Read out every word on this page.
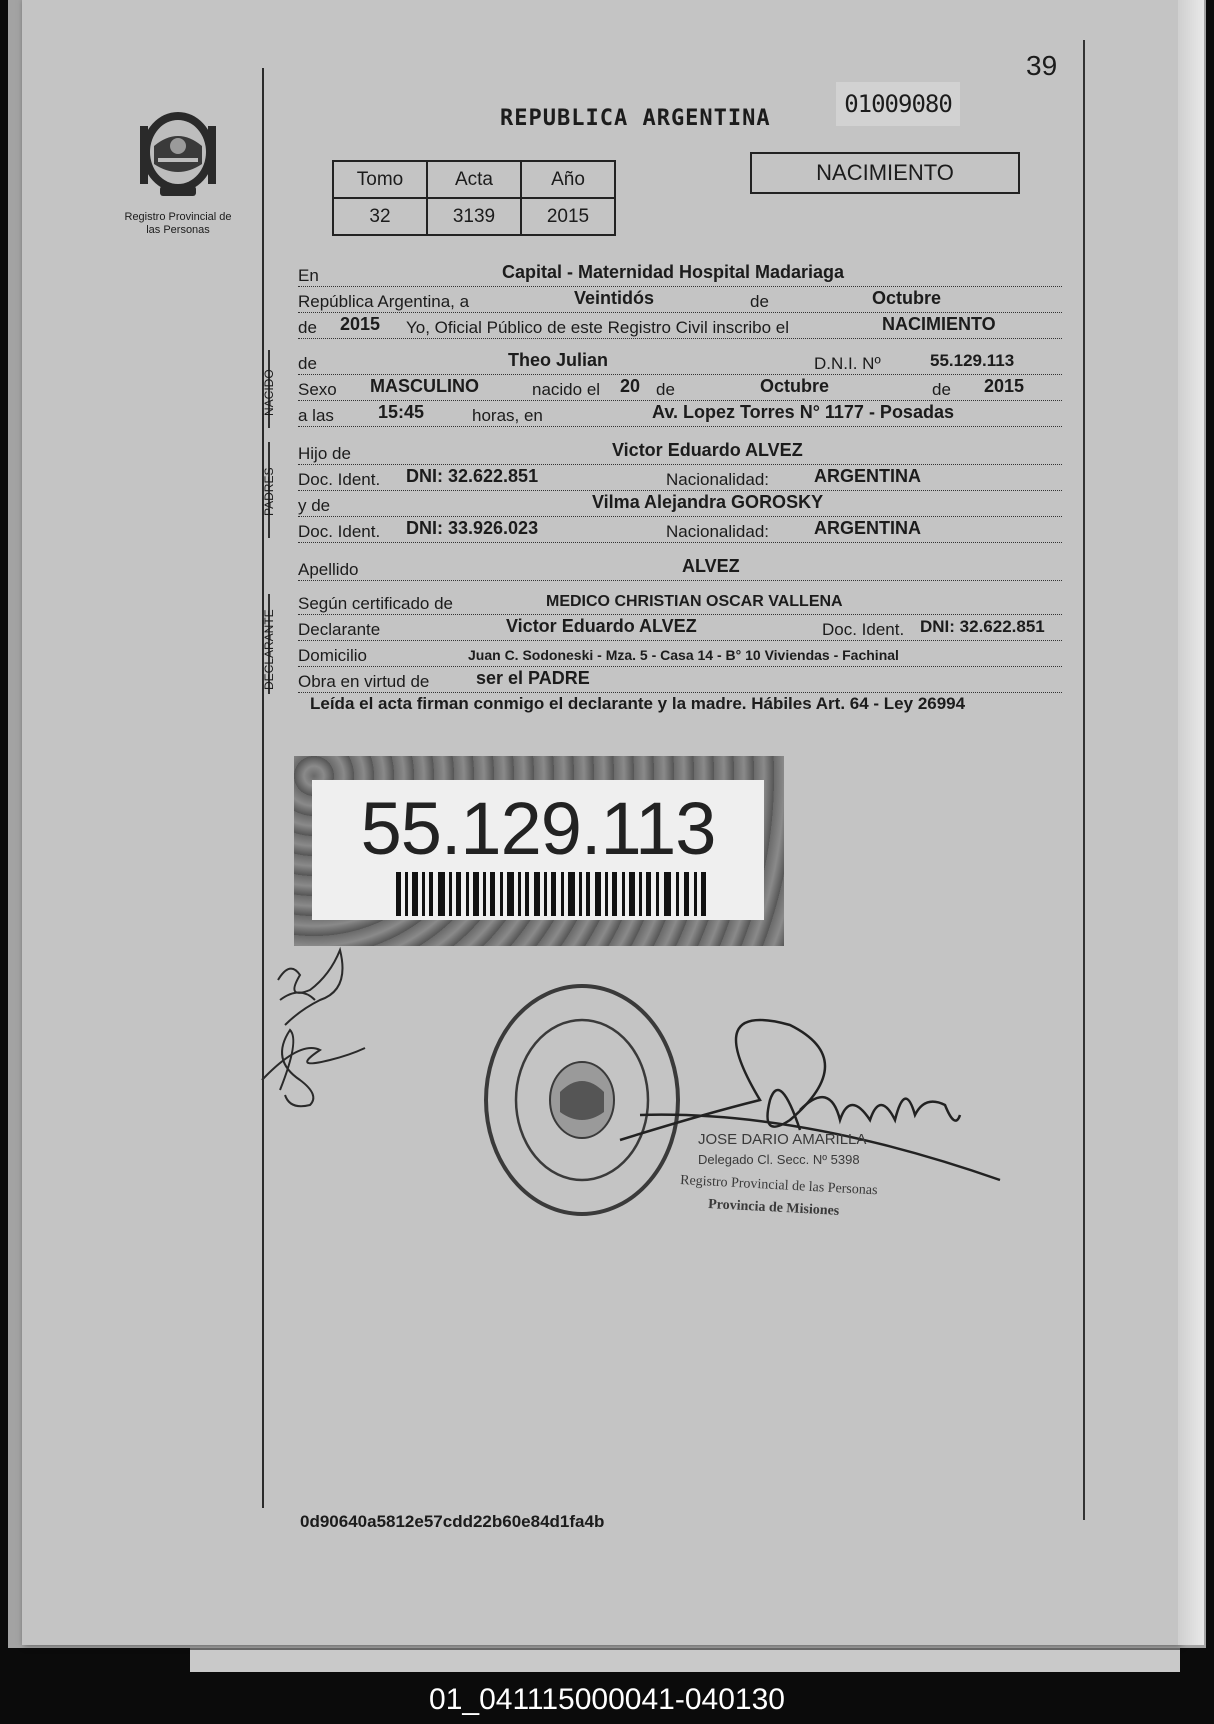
39
Registro Provincial de las Personas
REPUBLICA ARGENTINA
01009080
Tomo	Acta	Año
32	3139	2015
NACIMIENTO
En	Capital - Maternidad Hospital Madariaga
República Argentina, a	Veintidós	de	Octubre
de 2015 Yo, Oficial Público de este Registro Civil inscribo el	NACIMIENTO
NACIDO
de	Theo Julian	D.N.I. Nº	55.129.113
Sexo MASCULINO	nacido el 20 de	Octubre	de 2015
a las 15:45	horas, en	Av. Lopez Torres N° 1177 - Posadas
PADRES
Hijo de	Victor Eduardo ALVEZ
Doc. Ident. DNI: 32.622.851	Nacionalidad: ARGENTINA
y de	Vilma Alejandra GOROSKY
Doc. Ident. DNI: 33.926.023	Nacionalidad: ARGENTINA
Apellido	ALVEZ
DECLARANTE
Según certificado de	MEDICO CHRISTIAN OSCAR VALLENA
Declarante	Victor Eduardo ALVEZ	Doc. Ident. DNI: 32.622.851
Domicilio	Juan C. Sodoneski - Mza. 5 - Casa 14 - B° 10 Viviendas - Fachinal
Obra en virtud de	ser el PADRE
Leída el acta firman conmigo el declarante y la madre. Hábiles Art. 64 - Ley 26994
55.129.113
JOSE DARIO AMARILLA
Delegado Cl. Secc. Nº 5398
Registro Provincial de las Personas
Provincia de Misiones
0d90640a5812e57cdd22b60e84d1fa4b
01_041115000041-040130
